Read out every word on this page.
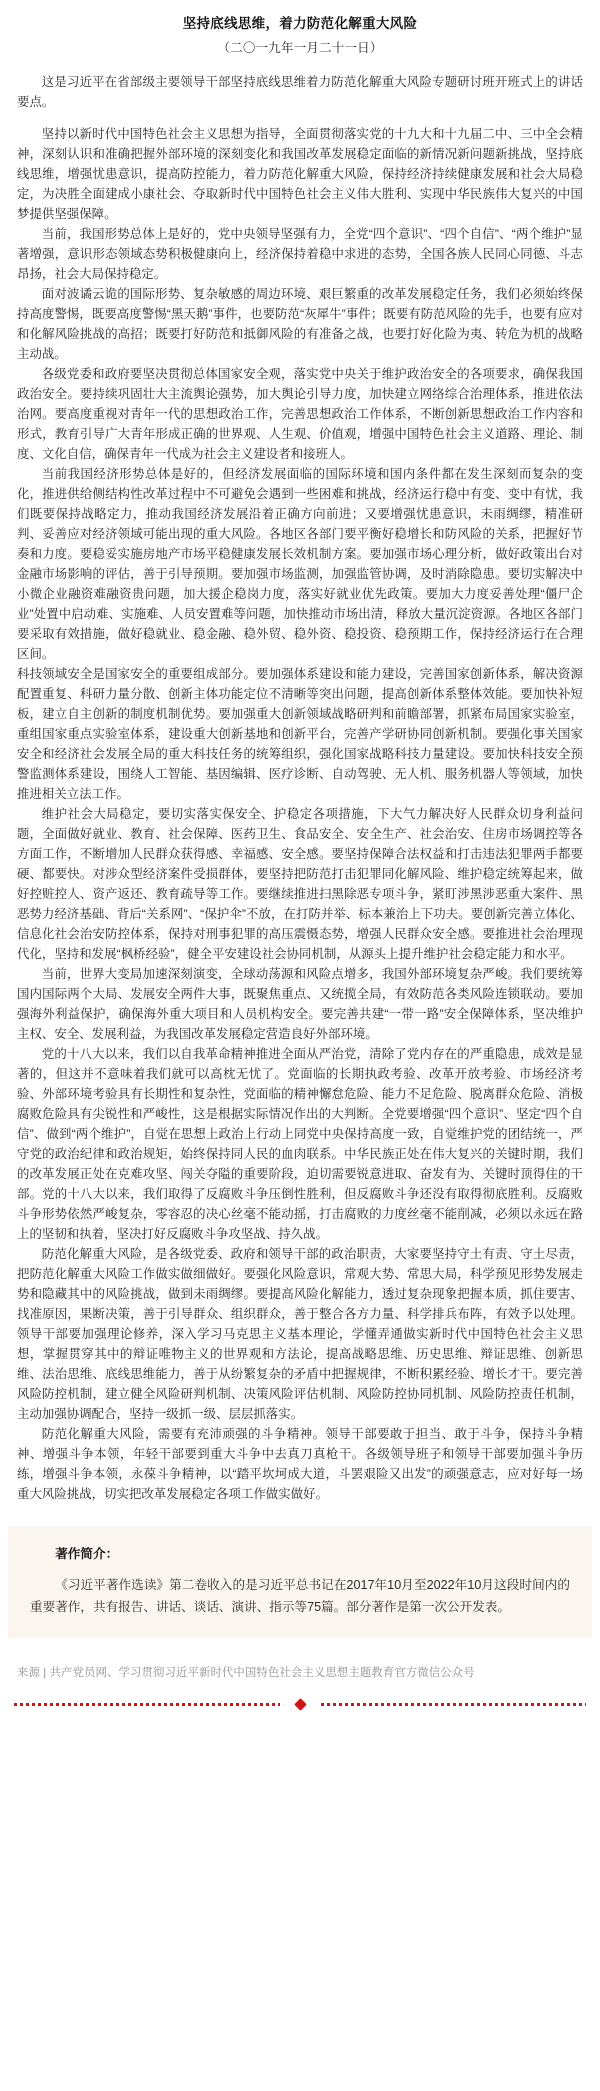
坚持底线思维，着力防范化解重大风险
（二〇一九年一月二十一日）

这是习近平在省部级主要领导干部坚持底线思维着力防范化解重大风险专题研讨班开班式上的讲话要点。

坚持以新时代中国特色社会主义思想为指导，全面贯彻落实党的十九大和十九届二中、三中全会精神，深刻认识和准确把握外部环境的深刻变化和我国改革发展稳定面临的新情况新问题新挑战，坚持底线思维，增强忧患意识，提高防控能力，着力防范化解重大风险，保持经济持续健康发展和社会大局稳定，为决胜全面建成小康社会、夺取新时代中国特色社会主义伟大胜利、实现中华民族伟大复兴的中国梦提供坚强保障。

当前，我国形势总体上是好的，党中央领导坚强有力，全党“四个意识”、“四个自信”、“两个维护”显著增强，意识形态领域态势积极健康向上，经济保持着稳中求进的态势，全国各族人民同心同德、斗志昂扬，社会大局保持稳定。

面对波谲云诡的国际形势、复杂敏感的周边环境、艰巨繁重的改革发展稳定任务，我们必须始终保持高度警惕，既要高度警惕“黑天鹅”事件，也要防范“灰犀牛”事件；既要有防范风险的先手，也要有应对和化解风险挑战的高招；既要打好防范和抵御风险的有准备之战，也要打好化险为夷、转危为机的战略主动战。

各级党委和政府要坚决贯彻总体国家安全观，落实党中央关于维护政治安全的各项要求，确保我国政治安全。要持续巩固壮大主流舆论强势，加大舆论引导力度，加快建立网络综合治理体系，推进依法治网。要高度重视对青年一代的思想政治工作，完善思想政治工作体系，不断创新思想政治工作内容和形式，教育引导广大青年形成正确的世界观、人生观、价值观，增强中国特色社会主义道路、理论、制度、文化自信，确保青年一代成为社会主义建设者和接班人。

当前我国经济形势总体是好的，但经济发展面临的国际环境和国内条件都在发生深刻而复杂的变化，推进供给侧结构性改革过程中不可避免会遇到一些困难和挑战，经济运行稳中有变、变中有忧，我们既要保持战略定力，推动我国经济发展沿着正确方向前进；又要增强忧患意识，未雨绸缪，精准研判、妥善应对经济领域可能出现的重大风险。各地区各部门要平衡好稳增长和防风险的关系，把握好节奏和力度。要稳妥实施房地产市场平稳健康发展长效机制方案。要加强市场心理分析，做好政策出台对金融市场影响的评估，善于引导预期。要加强市场监测，加强监管协调，及时消除隐患。要切实解决中小微企业融资难融资贵问题，加大援企稳岗力度，落实好就业优先政策。要加大力度妥善处理“僵尸企业”处置中启动难、实施难、人员安置难等问题，加快推动市场出清，释放大量沉淀资源。各地区各部门要采取有效措施，做好稳就业、稳金融、稳外贸、稳外资、稳投资、稳预期工作，保持经济运行在合理区间。

科技领域安全是国家安全的重要组成部分。要加强体系建设和能力建设，完善国家创新体系，解决资源配置重复、科研力量分散、创新主体功能定位不清晰等突出问题，提高创新体系整体效能。要加快补短板，建立自主创新的制度机制优势。要加强重大创新领域战略研判和前瞻部署，抓紧布局国家实验室，重组国家重点实验室体系，建设重大创新基地和创新平台，完善产学研协同创新机制。要强化事关国家安全和经济社会发展全局的重大科技任务的统筹组织，强化国家战略科技力量建设。要加快科技安全预警监测体系建设，围绕人工智能、基因编辑、医疗诊断、自动驾驶、无人机、服务机器人等领域，加快推进相关立法工作。

维护社会大局稳定，要切实落实保安全、护稳定各项措施，下大气力解决好人民群众切身利益问题，全面做好就业、教育、社会保障、医药卫生、食品安全、安全生产、社会治安、住房市场调控等各方面工作，不断增加人民群众获得感、幸福感、安全感。要坚持保障合法权益和打击违法犯罪两手都要硬、都要快。对涉众型经济案件受损群体，要坚持把防范打击犯罪同化解风险、维护稳定统筹起来，做好控赃控人、资产返还、教育疏导等工作。要继续推进扫黑除恶专项斗争，紧盯涉黑涉恶重大案件、黑恶势力经济基础、背后“关系网”、“保护伞”不放，在打防并举、标本兼治上下功夫。要创新完善立体化、信息化社会治安防控体系，保持对刑事犯罪的高压震慑态势，增强人民群众安全感。要推进社会治理现代化，坚持和发展“枫桥经验”，健全平安建设社会协同机制，从源头上提升维护社会稳定能力和水平。

当前，世界大变局加速深刻演变，全球动荡源和风险点增多，我国外部环境复杂严峻。我们要统筹国内国际两个大局、发展安全两件大事，既聚焦重点、又统揽全局，有效防范各类风险连锁联动。要加强海外利益保护，确保海外重大项目和人员机构安全。要完善共建“一带一路”安全保障体系，坚决维护主权、安全、发展利益，为我国改革发展稳定营造良好外部环境。

党的十八大以来，我们以自我革命精神推进全面从严治党，清除了党内存在的严重隐患，成效是显著的，但这并不意味着我们就可以高枕无忧了。党面临的长期执政考验、改革开放考验、市场经济考验、外部环境考验具有长期性和复杂性，党面临的精神懈怠危险、能力不足危险、脱离群众危险、消极腐败危险具有尖锐性和严峻性，这是根据实际情况作出的大判断。全党要增强“四个意识”、坚定“四个自信”、做到“两个维护”，自觉在思想上政治上行动上同党中央保持高度一致，自觉维护党的团结统一，严守党的政治纪律和政治规矩，始终保持同人民的血肉联系。中华民族正处在伟大复兴的关键时期，我们的改革发展正处在克难攻坚、闯关夺隘的重要阶段，迫切需要锐意进取、奋发有为、关键时顶得住的干部。党的十八大以来，我们取得了反腐败斗争压倒性胜利，但反腐败斗争还没有取得彻底胜利。反腐败斗争形势依然严峻复杂，零容忍的决心丝毫不能动摇，打击腐败的力度丝毫不能削减，必须以永远在路上的坚韧和执着，坚决打好反腐败斗争攻坚战、持久战。

防范化解重大风险，是各级党委、政府和领导干部的政治职责，大家要坚持守土有责、守土尽责，把防范化解重大风险工作做实做细做好。要强化风险意识，常观大势、常思大局，科学预见形势发展走势和隐藏其中的风险挑战，做到未雨绸缪。要提高风险化解能力，透过复杂现象把握本质，抓住要害、找准原因，果断决策，善于引导群众、组织群众，善于整合各方力量、科学排兵布阵，有效予以处理。领导干部要加强理论修养，深入学习马克思主义基本理论，学懂弄通做实新时代中国特色社会主义思想，掌握贯穿其中的辩证唯物主义的世界观和方法论，提高战略思维、历史思维、辩证思维、创新思维、法治思维、底线思维能力，善于从纷繁复杂的矛盾中把握规律，不断积累经验、增长才干。要完善风险防控机制，建立健全风险研判机制、决策风险评估机制、风险防控协同机制、风险防控责任机制，主动加强协调配合，坚持一级抓一级、层层抓落实。

防范化解重大风险，需要有充沛顽强的斗争精神。领导干部要敢于担当、敢于斗争，保持斗争精神、增强斗争本领，年轻干部要到重大斗争中去真刀真枪干。各级领导班子和领导干部要加强斗争历练，增强斗争本领，永葆斗争精神，以“踏平坎坷成大道，斗罢艰险又出发”的顽强意志，应对好每一场重大风险挑战，切实把改革发展稳定各项工作做实做好。

著作简介：
《习近平著作选读》第二卷收入的是习近平总书记在2017年10月至2022年10月这段时间内的重要著作，共有报告、讲话、谈话、演讲、指示等75篇。部分著作是第一次公开发表。
来源 | 共产党员网、学习贯彻习近平新时代中国特色社会主义思想主题教育官方微信公众号
